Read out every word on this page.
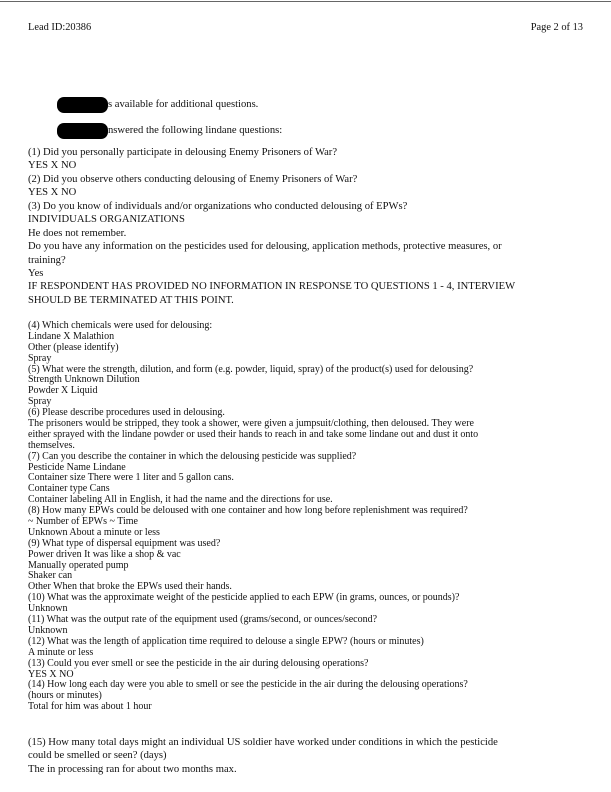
Lead ID:20386	Page 2 of 13
s available for additional questions.
nswered the following lindane questions:
(1) Did you personally participate in delousing Enemy Prisoners of War?
YES X NO
(2) Did you observe others conducting delousing of Enemy Prisoners of War?
YES X NO
(3) Do you know of individuals and/or organizations who conducted delousing of EPWs?
INDIVIDUALS ORGANIZATIONS
He does not remember.
Do you have any information on the pesticides used for delousing, application methods, protective measures, or
training?
Yes
IF RESPONDENT HAS PROVIDED NO INFORMATION IN RESPONSE TO QUESTIONS 1 - 4, INTERVIEW
SHOULD BE TERMINATED AT THIS POINT.
(4) Which chemicals were used for delousing:
Lindane X Malathion
Other (please identify)
Spray
(5) What were the strength, dilution, and form (e.g. powder, liquid, spray) of the product(s) used for delousing?
Strength Unknown Dilution
Powder X Liquid
Spray
(6) Please describe procedures used in delousing.
The prisoners would be stripped, they took a shower, were given a jumpsuit/clothing, then deloused. They were
either sprayed with the lindane powder or used their hands to reach in and take some lindane out and dust it onto
themselves.
(7) Can you describe the container in which the delousing pesticide was supplied?
Pesticide Name Lindane
Container size There were 1 liter and 5 gallon cans.
Container type Cans
Container labeling All in English, it had the name and the directions for use.
(8) How many EPWs could be deloused with one container and how long before replenishment was required?
~ Number of EPWs ~ Time
Unknown About a minute or less
(9) What type of dispersal equipment was used?
Power driven It was like a shop & vac
Manually operated pump
Shaker can
Other When that broke the EPWs used their hands.
(10) What was the approximate weight of the pesticide applied to each EPW (in grams, ounces, or pounds)?
Unknown
(11) What was the output rate of the equipment used (grams/second, or ounces/second?
Unknown
(12) What was the length of application time required to delouse a single EPW? (hours or minutes)
A minute or less
(13) Could you ever smell or see the pesticide in the air during delousing operations?
YES X NO
(14) How long each day were you able to smell or see the pesticide in the air during the delousing operations?
(hours or minutes)
Total for him was about 1 hour
(15) How many total days might an individual US soldier have worked under conditions in which the pesticide
could be smelled or seen? (days)
The in processing ran for about two months max.
